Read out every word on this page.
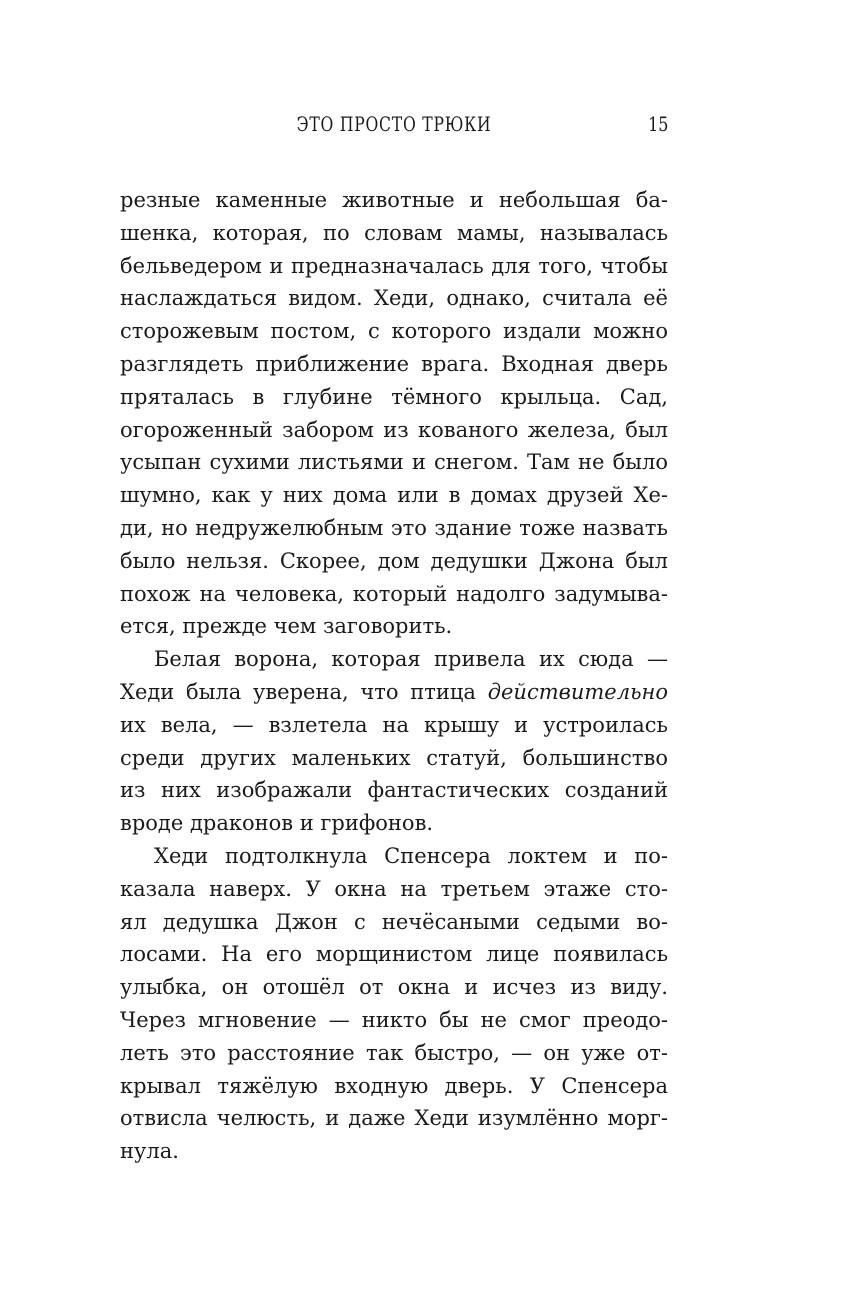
ЭТО ПРОСТО ТРЮКИ	15
резные каменные животные и небольшая ба-
шенка, которая, по словам мамы, называлась
бельведером и предназначалась для того, чтобы
наслаждаться видом. Хеди, однако, считала её
сторожевым постом, с которого издали можно
разглядеть приближение врага. Входная дверь
пряталась в глубине тёмного крыльца. Сад,
огороженный забором из кованого железа, был
усыпан сухими листьями и снегом. Там не было
шумно, как у них дома или в домах друзей Хе-
ди, но недружелюбным это здание тоже назвать
было нельзя. Скорее, дом дедушки Джона был
похож на человека, который надолго задумыва-
ется, прежде чем заговорить.
Белая ворона, которая привела их сюда —
Хеди была уверена, что птица действительно
их вела, — взлетела на крышу и устроилась
среди других маленьких статуй, большинство
из них изображали фантастических созданий
вроде драконов и грифонов.
Хеди подтолкнула Спенсера локтем и по-
казала наверх. У окна на третьем этаже сто-
ял дедушка Джон с нечёсаными седыми во-
лосами. На его морщинистом лице появилась
улыбка, он отошёл от окна и исчез из виду.
Через мгновение — никто бы не смог преодо-
леть это расстояние так быстро, — он уже от-
крывал тяжёлую входную дверь. У Спенсера
отвисла челюсть, и даже Хеди изумлённо морг-
нула.
